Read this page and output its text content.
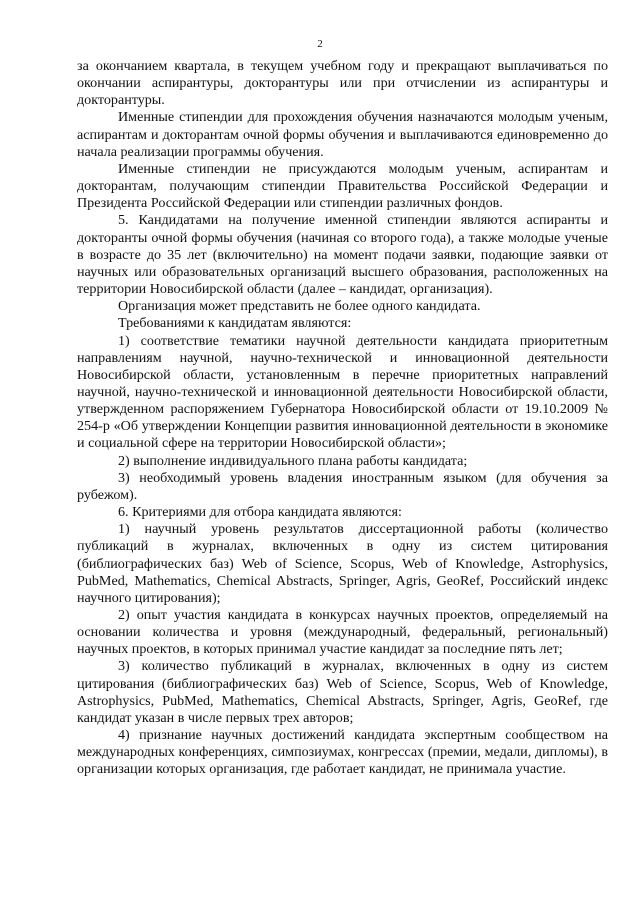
2

за окончанием квартала, в текущем учебном году и прекращают выплачиваться по окончании аспирантуры, докторантуры или при отчислении из аспирантуры и докторантуры.

Именные стипендии для прохождения обучения назначаются молодым ученым, аспирантам и докторантам очной формы обучения и выплачиваются единовременно до начала реализации программы обучения.

Именные стипендии не присуждаются молодым ученым, аспирантам и докторантам, получающим стипендии Правительства Российской Федерации и Президента Российской Федерации или стипендии различных фондов.

5. Кандидатами на получение именной стипендии являются аспиранты и докторанты очной формы обучения (начиная со второго года), а также молодые ученые в возрасте до 35 лет (включительно) на момент подачи заявки, подающие заявки от научных или образовательных организаций высшего образования, расположенных на территории Новосибирской области (далее – кандидат, организация).

Организация может представить не более одного кандидата.

Требованиями к кандидатам являются:

1) соответствие тематики научной деятельности кандидата приоритетным направлениям научной, научно-технической и инновационной деятельности Новосибирской области, установленным в перечне приоритетных направлений научной, научно-технической и инновационной деятельности Новосибирской области, утвержденном распоряжением Губернатора Новосибирской области от 19.10.2009 № 254-р «Об утверждении Концепции развития инновационной деятельности в экономике и социальной сфере на территории Новосибирской области»;

2) выполнение индивидуального плана работы кандидата;

3) необходимый уровень владения иностранным языком (для обучения за рубежом).

6. Критериями для отбора кандидата являются:

1) научный уровень результатов диссертационной работы (количество публикаций в журналах, включенных в одну из систем цитирования (библиографических баз) Web of Science, Scopus, Web of Knowledge, Astrophysics, PubMed, Mathematics, Chemical Abstracts, Springer, Agris, GeoRef, Российский индекс научного цитирования);

2) опыт участия кандидата в конкурсах научных проектов, определяемый на основании количества и уровня (международный, федеральный, региональный) научных проектов, в которых принимал участие кандидат за последние пять лет;

3) количество публикаций в журналах, включенных в одну из систем цитирования (библиографических баз) Web of Science, Scopus, Web of Knowledge, Astrophysics, PubMed, Mathematics, Chemical Abstracts, Springer, Agris, GeoRef, где кандидат указан в числе первых трех авторов;

4) признание научных достижений кандидата экспертным сообществом на международных конференциях, симпозиумах, конгрессах (премии, медали, дипломы), в организации которых организация, где работает кандидат, не принимала участие.
